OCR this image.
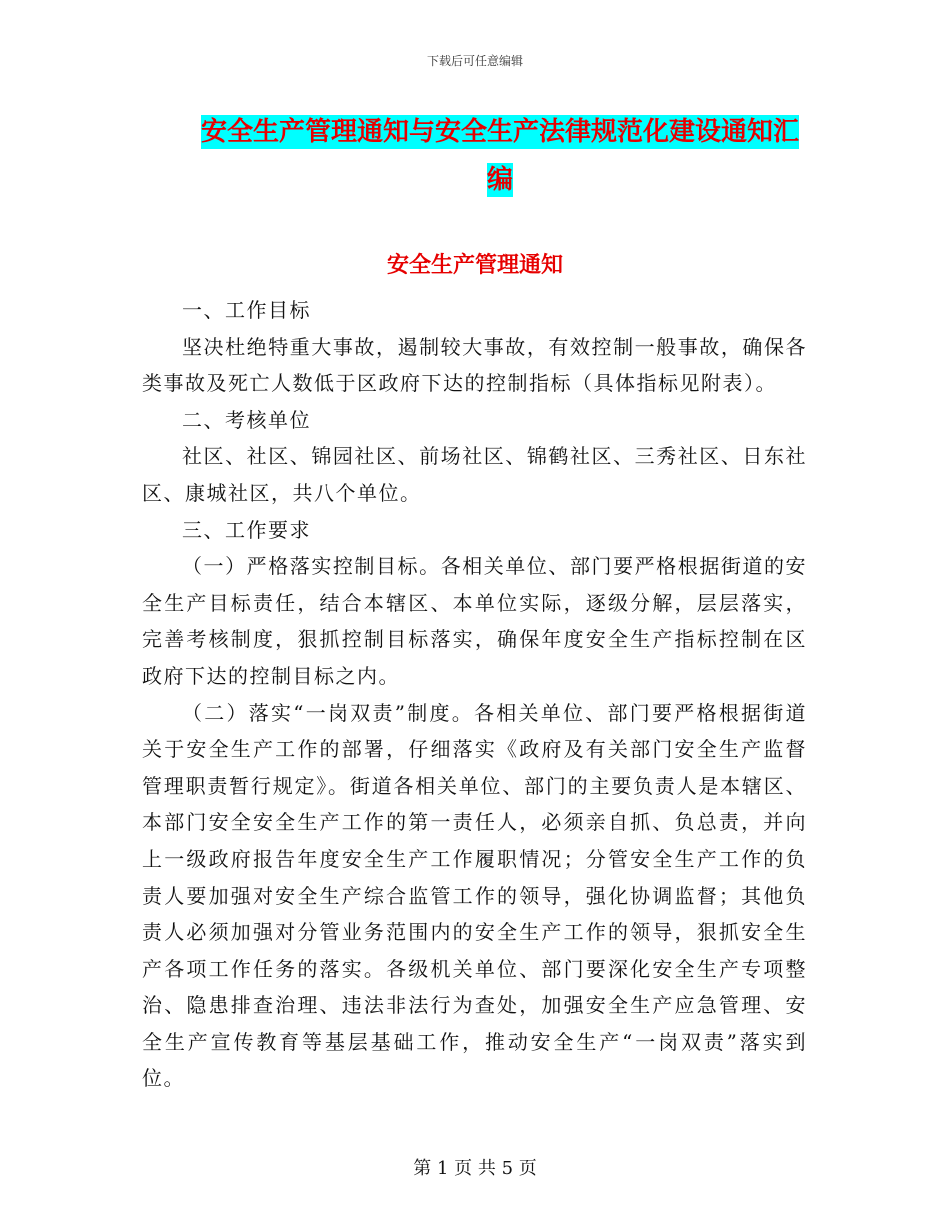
下载后可任意编辑
安全生产管理通知与安全生产法律规范化建设通知汇编
安全生产管理通知

一、工作目标

坚决杜绝特重大事故，遏制较大事故，有效控制一般事故，确保各类事故及死亡人数低于区政府下达的控制指标（具体指标见附表）。

二、考核单位

社区、社区、锦园社区、前场社区、锦鹤社区、三秀社区、日东社区、康城社区，共八个单位。

三、工作要求

（一）严格落实控制目标。各相关单位、部门要严格根据街道的安全生产目标责任，结合本辖区、本单位实际，逐级分解，层层落实，完善考核制度，狠抓控制目标落实，确保年度安全生产指标控制在区政府下达的控制目标之内。

（二）落实“一岗双责”制度。各相关单位、部门要严格根据街道关于安全生产工作的部署，仔细落实《政府及有关部门安全生产监督管理职责暂行规定》。街道各相关单位、部门的主要负责人是本辖区、本部门安全安全生产工作的第一责任人，必须亲自抓、负总责，并向上一级政府报告年度安全生产工作履职情况；分管安全生产工作的负责人要加强对安全生产综合监管工作的领导，强化协调监督；其他负责人必须加强对分管业务范围内的安全生产工作的领导，狠抓安全生产各项工作任务的落实。各级机关单位、部门要深化安全生产专项整治、隐患排查治理、违法非法行为查处，加强安全生产应急管理、安全生产宣传教育等基层基础工作，推动安全生产“一岗双责”落实到位。

第 1 页 共 5 页
